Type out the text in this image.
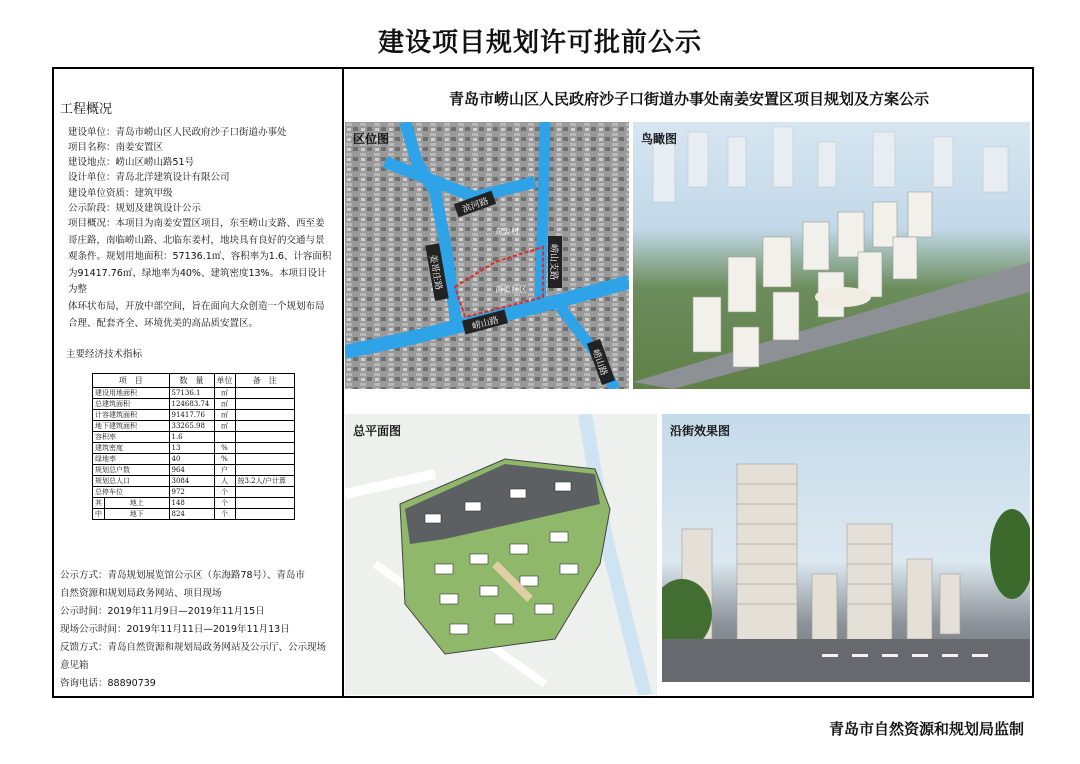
建设项目规划许可批前公示
工程概况
建设单位：青岛市崂山区人民政府沙子口街道办事处
项目名称：南姜安置区
建设地点：崂山区崂山路51号
设计单位：青岛北洋建筑设计有限公司
建设单位资质：建筑甲级
公示阶段：规划及建筑设计公示
项目概况：本项目为南姜安置区项目，东至崂山支路、西至姜
哥庄路，南临崂山路、北临东姜村，地块具有良好的交通与景
观条件。规划用地面积：57136.1㎡、容积率为1.6、计容面积
为91417.76㎡、绿地率为40%、建筑密度13%。本项目设计为整
体环状布局，开放中部空间，旨在面向大众创造一个规划布局
合理、配套齐全、环境优美的高品质安置区。
主要经济技术指标
项　目		数　量	单位	备　注
建设用地面积		57136.1	㎡	
总建筑面积		124683.74	㎡	
计容建筑面积		91417.76	㎡	
地下建筑面积		33265.98	㎡	
容积率		1.6		
建筑密度		13	%	
绿地率		40	%	
规划总户数		964	户	
规划总人口		3084	人	按3.2人/户计算
总停车位		972	个	
其	地上	148	个	
中	地下	824	个	
公示方式：青岛规划展览馆公示区（东海路78号）、青岛市
自然资源和规划局政务网站、项目现场
公示时间：2019年11月9日—2019年11月15日
现场公示时间：2019年11月11日—2019年11月13日
反馈方式：青岛自然资源和规划局政务网站及公示厅、公示现场
意见箱
咨询电话：88890739
青岛市崂山区人民政府沙子口街道办事处南姜安置区项目规划及方案公示
区位图
滨河路
姜哥庄路	崂山支路
崂山路
崂山路
东姜村
南姜社区
鸟瞰图
总平面图	沿街效果图
青岛市自然资源和规划局监制
